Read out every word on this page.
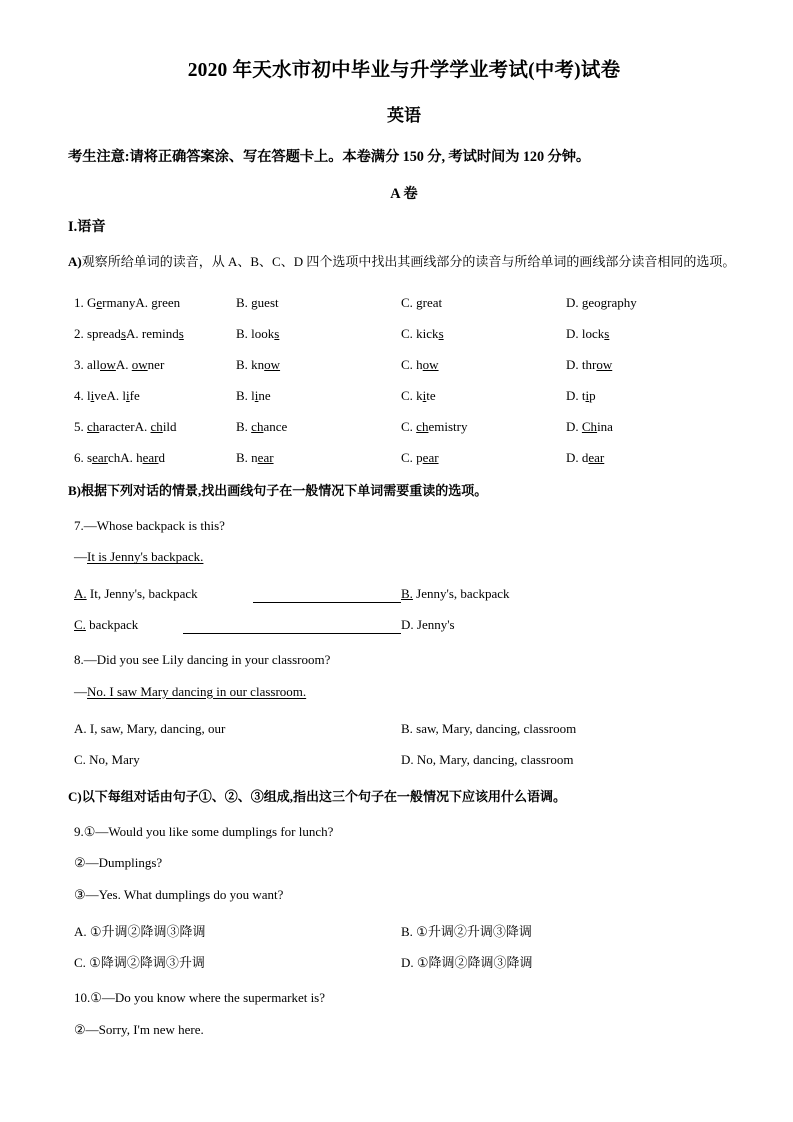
2020 年天水市初中毕业与升学学业考试(中考)试卷
英语

考生注意:请将正确答案涂、写在答题卡上。本卷满分 150 分, 考试时间为 120 分钟。

A 卷

I.语音

A)观察所给单词的读音，从 A、B、C、D 四个选项中找出其画线部分的读音与所给单词的画线部分读音相同的选项。

1. GermanyA. green	B. guest	C. great	D. geography
2. spreadsA. reminds	B. looks	C. kicks	D. locks
3. allowA. owner	B. know	C. how	D. throw
4. liveA. life	B. line	C. kite	D. tip
5. characterA. child	B. chance	C. chemistry	D. China
6. searchA. heard	B. near	C. pear	D. dear

B)根据下列对话的情景,找出画线句子在一般情况下单词需要重读的选项。

7.—Whose backpack is this?

—It is Jenny's backpack.

A. It, Jenny's, backpack	B. Jenny's, backpack
C. backpack	D. Jenny's

8.—Did you see Lily dancing in your classroom?

—No. I saw Mary dancing in our classroom.

A. I, saw, Mary, dancing, our	B. saw, Mary, dancing, classroom
C. No, Mary	D. No, Mary, dancing, classroom

C)以下每组对话由句子①、②、③组成,指出这三个句子在一般情况下应该用什么语调。

9.①—Would you like some dumplings for lunch?

②—Dumplings?

③—Yes. What dumplings do you want?

A. ①升调②降调③降调	B. ①升调②升调③降调
C. ①降调②降调③升调	D. ①降调②降调③降调

10.①—Do you know where the supermarket is?

②—Sorry, I'm new here.
